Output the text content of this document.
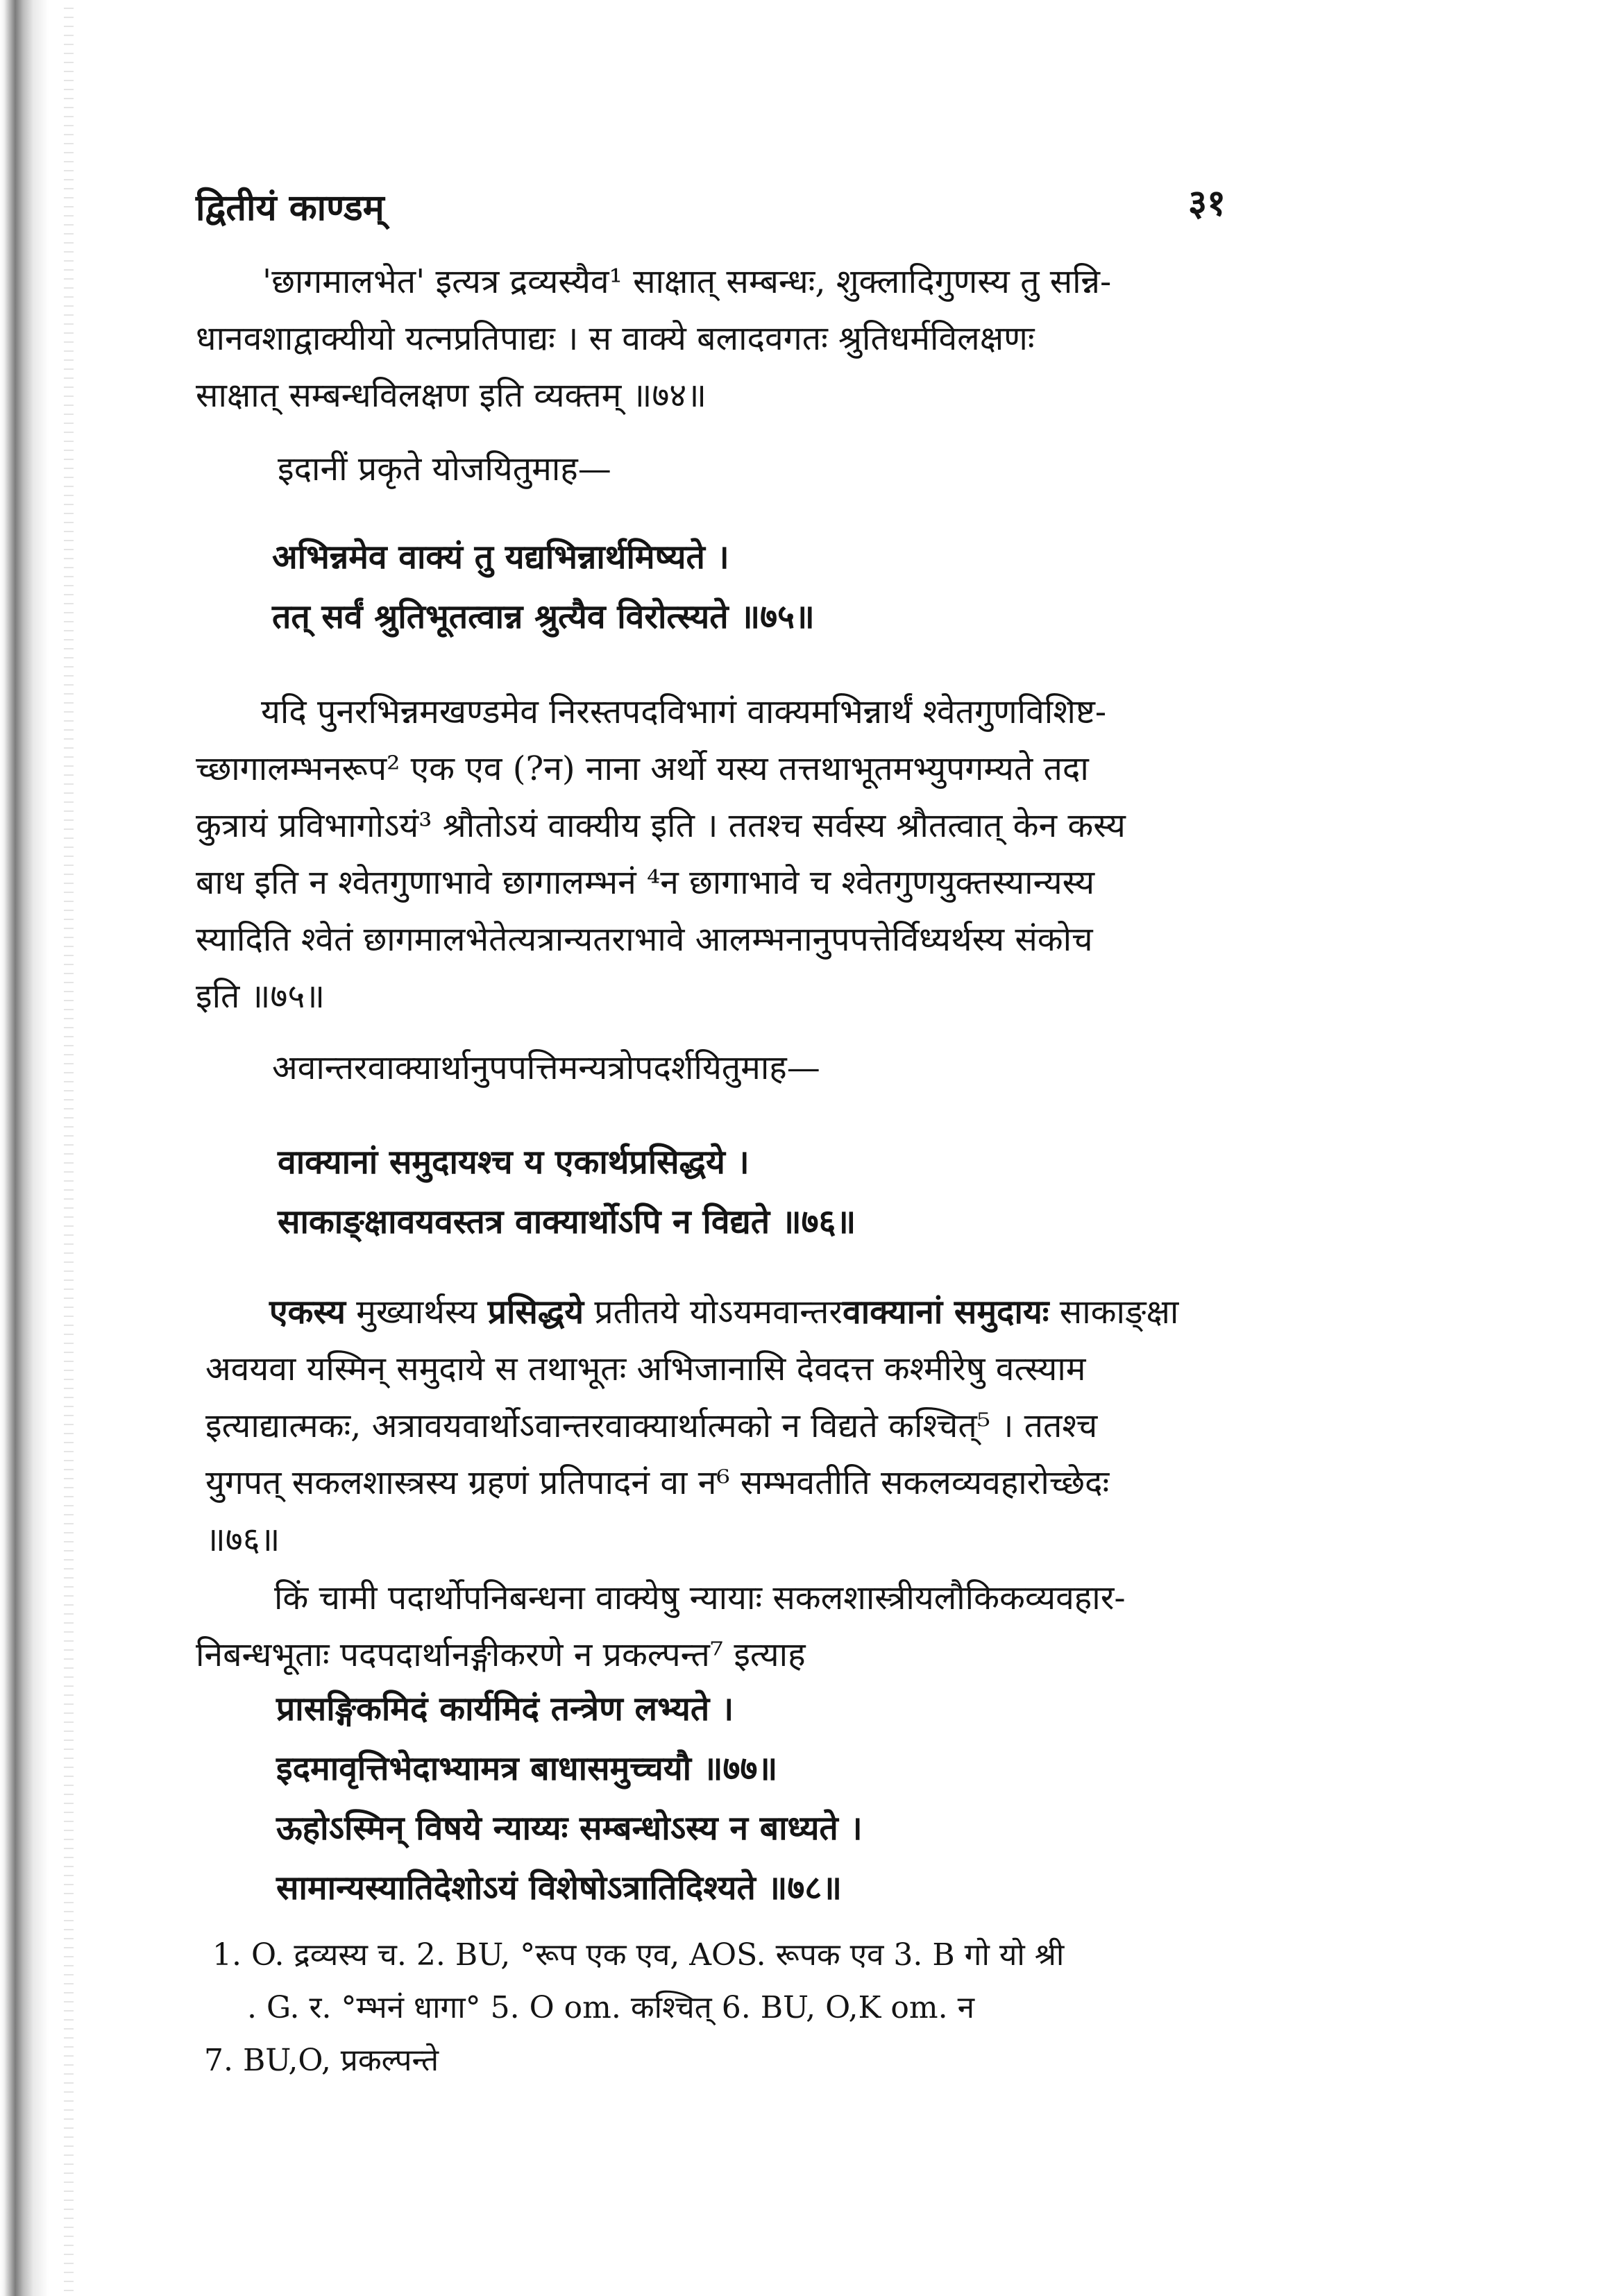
द्वितीयं काण्डम्	३१
'छागमालभेत' इत्यत्र द्रव्यस्यैव¹ साक्षात् सम्बन्धः, शुक्लादिगुणस्य तु सन्नि-
धानवशाद्वाक्यीयो यत्नप्रतिपाद्यः । स वाक्ये बलादवगतः श्रुतिधर्मविलक्षणः
साक्षात् सम्बन्धविलक्षण इति व्यक्तम् ॥७४॥
इदानीं प्रकृते योजयितुमाह—
अभिन्नमेव वाक्यं तु यद्यभिन्नार्थमिष्यते ।
तत् सर्वं श्रुतिभूतत्वान्न श्रुत्यैव विरोत्स्यते ॥७५॥
यदि पुनरभिन्नमखण्डमेव निरस्तपदविभागं वाक्यमभिन्नार्थं श्वेतगुणविशिष्ट-
च्छागालम्भनरूप² एक एव (?न) नाना अर्थो यस्य तत्तथाभूतमभ्युपगम्यते तदा
कुत्रायं प्रविभागोऽयं³ श्रौतोऽयं वाक्यीय इति । ततश्च सर्वस्य श्रौतत्वात् केन कस्य
बाध इति न श्वेतगुणाभावे छागालम्भनं ⁴न छागाभावे च श्वेतगुणयुक्तस्यान्यस्य
स्यादिति श्वेतं छागमालभेतेत्यत्रान्यतराभावे आलम्भनानुपपत्तेर्विध्यर्थस्य संकोच
इति ॥७५॥
अवान्तरवाक्यार्थानुपपत्तिमन्यत्रोपदर्शयितुमाह—
वाक्यानां समुदायश्च य एकार्थप्रसिद्धये ।
साकाङ्क्षावयवस्तत्र वाक्यार्थोऽपि न विद्यते ॥७६॥
एकस्य मुख्यार्थस्य प्रसिद्धये प्रतीतये योऽयमवान्तरवाक्यानां समुदायः साकाङ्क्षा
अवयवा यस्मिन् समुदाये स तथाभूतः अभिजानासि देवदत्त कश्मीरेषु वत्स्याम
इत्याद्यात्मकः, अत्रावयवार्थोऽवान्तरवाक्यार्थात्मको न विद्यते कश्चित्⁵ । ततश्च
युगपत् सकलशास्त्रस्य ग्रहणं प्रतिपादनं वा न⁶ सम्भवतीति सकलव्यवहारोच्छेदः
॥७६॥
किं चामी पदार्थोपनिबन्धना वाक्येषु न्यायाः सकलशास्त्रीयलौकिकव्यवहार-
निबन्धभूताः पदपदार्थानङ्गीकरणे न प्रकल्पन्त⁷ इत्याह
प्रासङ्गिकमिदं कार्यमिदं तन्त्रेण लभ्यते ।
इदमावृत्तिभेदाभ्यामत्र बाधासमुच्चयौ ॥७७॥
ऊहोऽस्मिन् विषये न्याय्यः सम्बन्धोऽस्य न बाध्यते ।
सामान्यस्यातिदेशोऽयं विशेषोऽत्रातिदिश्यते ॥७८॥
1. O. द्रव्यस्य च. 2. BU, °रूप एक एव, AOS. रूपक एव 3. B गो यो श्री
. G. र. °म्भनं धागा° 5. O om. कश्चित् 6. BU, O,K om. न
7. BU,O, प्रकल्पन्ते
